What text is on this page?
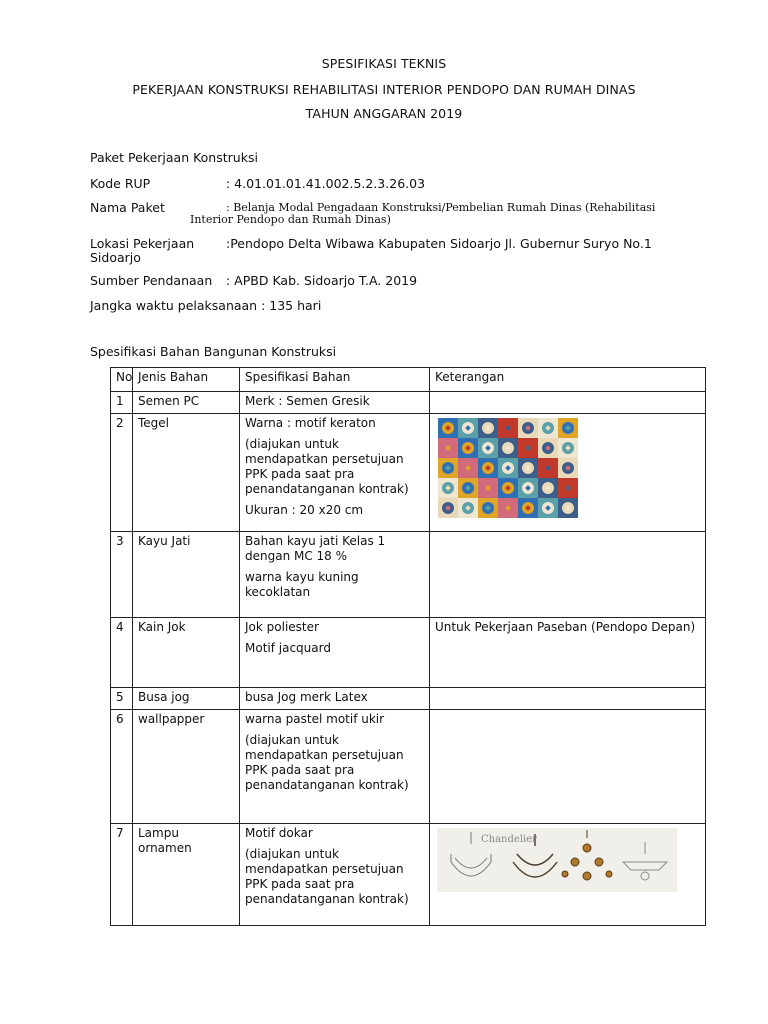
SPESIFIKASI TEKNIS
PEKERJAAN KONSTRUKSI REHABILITASI INTERIOR PENDOPO DAN RUMAH DINAS
TAHUN ANGGARAN 2019
Paket Pekerjaan Konstruksi
Kode RUP	: 4.01.01.01.41.002.5.2.3.26.03
Nama Paket	: Belanja Modal Pengadaan Konstruksi/Pembelian Rumah Dinas (Rehabilitasi
Interior Pendopo dan Rumah Dinas)
Lokasi Pekerjaan	:Pendopo Delta Wibawa Kabupaten Sidoarjo Jl. Gubernur Suryo No.1
Sidoarjo
Sumber Pendanaan : APBD Kab. Sidoarjo T.A. 2019
Jangka waktu pelaksanaan : 135 hari
Spesifikasi Bahan Bangunan Konstruksi
No	Jenis Bahan	Spesifikasi Bahan	Keterangan
1	Semen PC	Merk : Semen Gresik	

2	Tegel	Warna : motif keraton

(diajukan untuk mendapatkan persetujuan PPK pada saat pra penandatanganan kontrak)

Ukuran : 20 x20 cm	

3	Kayu Jati	Bahan kayu jati Kelas 1 dengan MC 18 %

warna kayu kuning kecoklatan	

4	Kain Jok	Jok poliester

Motif jacquard	Untuk Pekerjaan Paseban (Pendopo Depan)
5	Busa jog	busa Jog merk Latex	

6	wallpapper	warna pastel motif ukir

(diajukan untuk mendapatkan persetujuan PPK pada saat pra penandatanganan kontrak)	

7	Lampu ornamen	Motif dokar

(diajukan untuk mendapatkan persetujuan PPK pada saat pra penandatanganan kontrak)	Chandelier
